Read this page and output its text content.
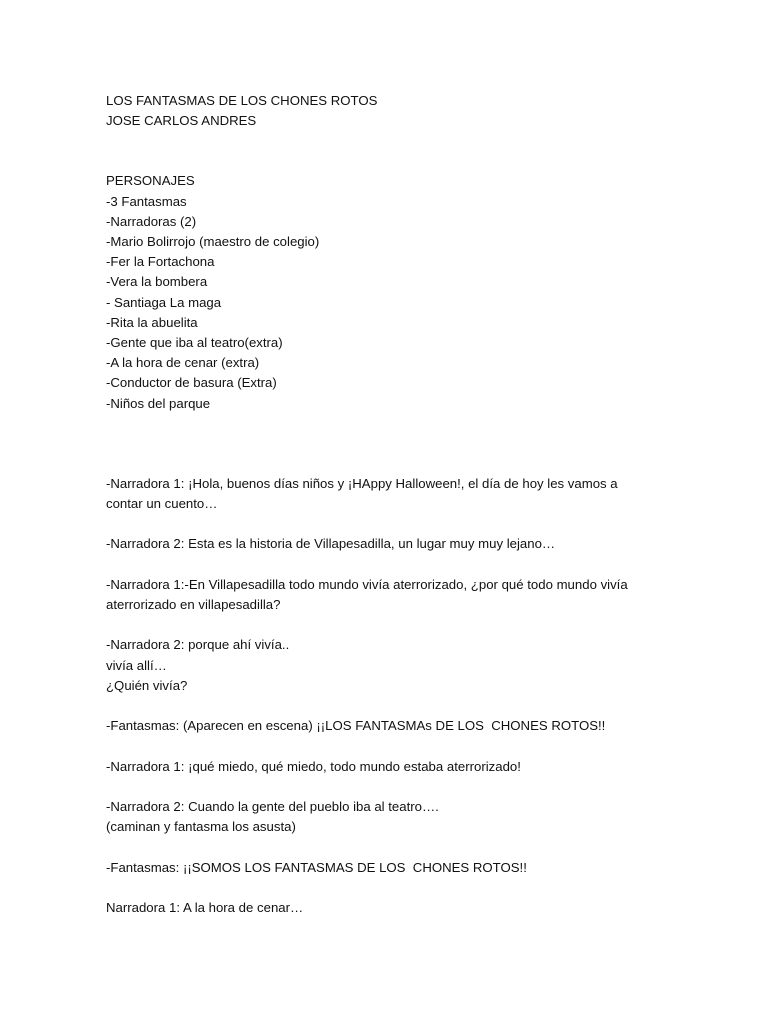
LOS FANTASMAS DE LOS CHONES ROTOS
JOSE CARLOS ANDRES
PERSONAJES
-3 Fantasmas
-Narradoras (2)
-Mario Bolirrojo (maestro de colegio)
-Fer la Fortachona
-Vera la bombera
- Santiaga La maga
-Rita la abuelita
-Gente que iba al teatro(extra)
-A la hora de cenar (extra)
-Conductor de basura (Extra)
-Niños del parque
-Narradora 1: ¡Hola, buenos días niños y ¡HAppy Halloween!, el día de hoy les vamos a
contar un cuento…
-Narradora 2: Esta es la historia de Villapesadilla, un lugar muy muy lejano…
-Narradora 1:-En Villapesadilla todo mundo vivía aterrorizado, ¿por qué todo mundo vivía
aterrorizado en villapesadilla?
-Narradora 2: porque ahí vivía..
vivía allí…
¿Quién vivía?
-Fantasmas: (Aparecen en escena) ¡¡LOS FANTASMAs DE LOS  CHONES ROTOS!!
-Narradora 1: ¡qué miedo, qué miedo, todo mundo estaba aterrorizado!
-Narradora 2: Cuando la gente del pueblo iba al teatro….
(caminan y fantasma los asusta)
-Fantasmas: ¡¡SOMOS LOS FANTASMAS DE LOS  CHONES ROTOS!!
Narradora 1: A la hora de cenar…
